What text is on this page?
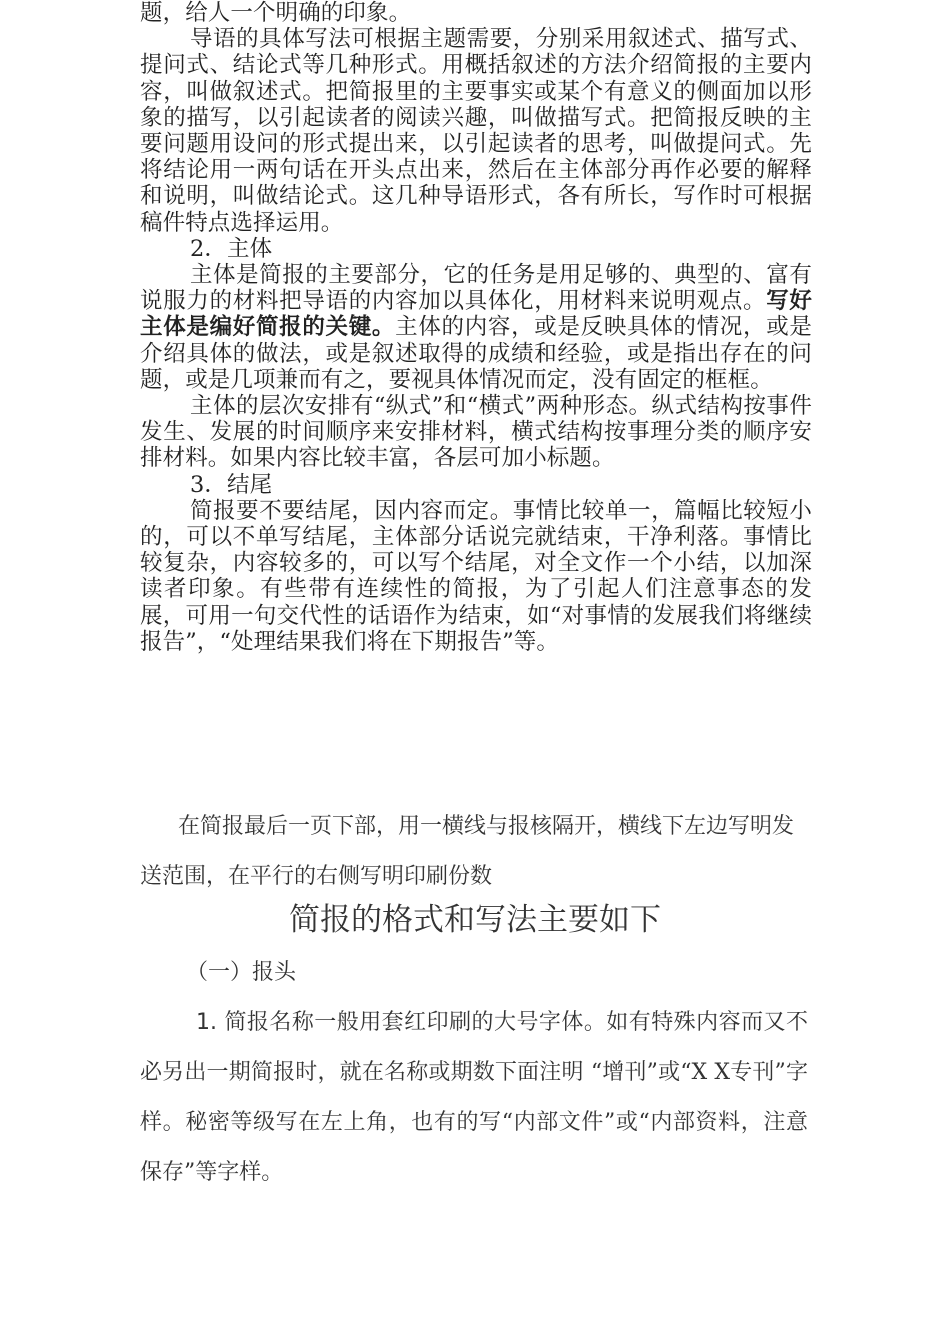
题，给人一个明确的印象。

导语的具体写法可根据主题需要，分别采用叙述式、描写式、提问式、结论式等几种形式。用概括叙述的方法介绍简报的主要内容，叫做叙述式。把简报里的主要事实或某个有意义的侧面加以形象的描写，以引起读者的阅读兴趣，叫做描写式。把简报反映的主要问题用设问的形式提出来，以引起读者的思考，叫做提问式。先将结论用一两句话在开头点出来，然后在主体部分再作必要的解释和说明，叫做结论式。这几种导语形式，各有所长，写作时可根据稿件特点选择运用。

2．主体

主体是简报的主要部分，它的任务是用足够的、典型的、富有说服力的材料把导语的内容加以具体化，用材料来说明观点。写好主体是编好简报的关键。主体的内容，或是反映具体的情况，或是介绍具体的做法，或是叙述取得的成绩和经验，或是指出存在的问题，或是几项兼而有之，要视具体情况而定，没有固定的框框。

主体的层次安排有“纵式”和“横式”两种形态。纵式结构按事件发生、发展的时间顺序来安排材料，横式结构按事理分类的顺序安排材料。如果内容比较丰富，各层可加小标题。

3．结尾

简报要不要结尾，因内容而定。事情比较单一，篇幅比较短小的，可以不单写结尾，主体部分话说完就结束，干净利落。事情比较复杂，内容较多的，可以写个结尾，对全文作一个小结，以加深读者印象。有些带有连续性的简报，为了引起人们注意事态的发展，可用一句交代性的话语作为结束，如“对事情的发展我们将继续报告”，“处理结果我们将在下期报告”等。

在简报最后一页下部，用一横线与报核隔开，横线下左边写明发送范围，在平行的右侧写明印刷份数

简报的格式和写法主要如下

（一）报头

1. 简报名称一般用套红印刷的大号字体。如有特殊内容而又不必另出一期简报时，就在名称或期数下面注明 “增刊”或“X X专刊”字样。秘密等级写在左上角，也有的写“内部文件”或“内部资料，注意保存”等字样。
